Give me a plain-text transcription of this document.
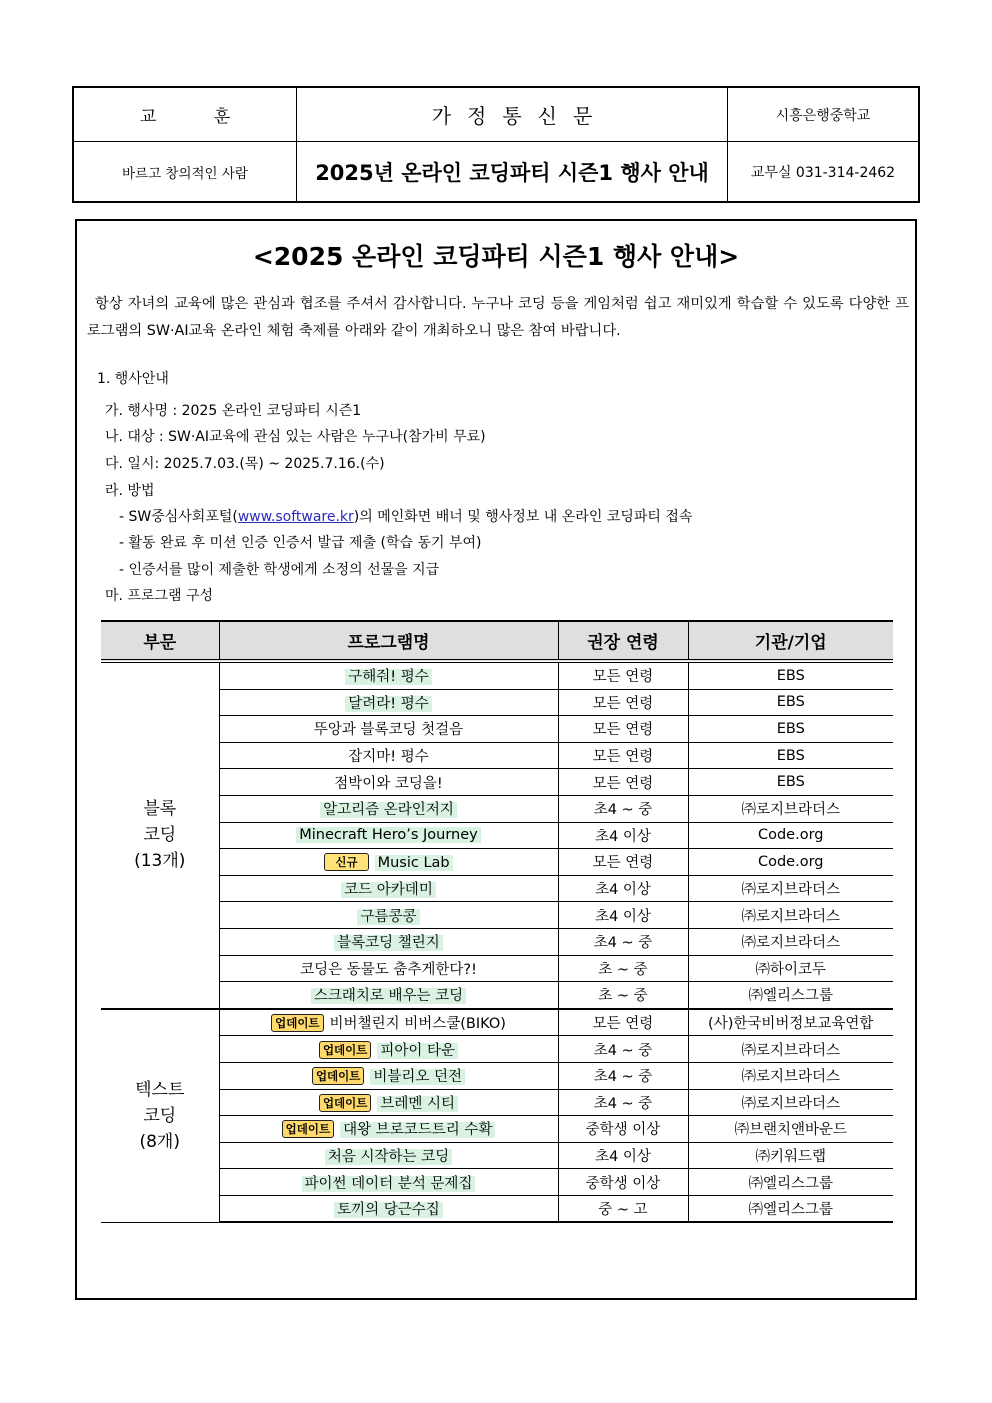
교 훈	가정통신문	시흥은행중학교
바르고 창의적인 사람	2025년 온라인 코딩파티 시즌1 행사 안내	교무실 031-314-2462
<2025 온라인 코딩파티 시즌1 행사 안내>
항상 자녀의 교육에 많은 관심과 협조를 주셔서 감사합니다. 누구나 코딩 등을 게임처럼 쉽고 재미있게 학습할 수 있도록 다양한 프로그램의 SW·AI교육 온라인 체험 축제를 아래와 같이 개최하오니 많은 참여 바랍니다.
1. 행사안내
가. 행사명 : 2025 온라인 코딩파티 시즌1
나. 대상 : SW·AI교육에 관심 있는 사람은 누구나(참가비 무료)
다. 일시: 2025.7.03.(목) ~ 2025.7.16.(수)
라. 방법
- SW중심사회포털(www.software.kr)의 메인화면 배너 및 행사정보 내 온라인 코딩파티 접속
- 활동 완료 후 미션 인증 인증서 발급 제출 (학습 동기 부여)
- 인증서를 많이 제출한 학생에게 소정의 선물을 지급
마. 프로그램 구성
부문	프로그램명	권장 연령	기관/기업

블록
코딩
(13개)	구해줘! 평수	모든 연령	EBS
	달려라! 평수	모든 연령	EBS
	뚜앙과 블록코딩 첫걸음	모든 연령	EBS
	잡지마! 평수	모든 연령	EBS
	점박이와 코딩을!	모든 연령	EBS
	알고리즘 온라인저지	초4 ~ 중	㈜로지브라더스
	Minecraft Hero’s Journey	초4 이상	Code.org
	신규 Music Lab	모든 연령	Code.org
	코드 아카데미	초4 이상	㈜로지브라더스
	구름콩콩	초4 이상	㈜로지브라더스
	블록코딩 챌린지	초4 ~ 중	㈜로지브라더스
	코딩은 동물도 춤추게한다?!	초 ~ 중	㈜하이코두
	스크래치로 배우는 코딩	초 ~ 중	㈜엘리스그룹

텍스트
코딩
(8개)	업데이트 비버챌린지 비버스쿨(BIKO)	모든 연령	(사)한국비버정보교육연합
	업데이트 피아이 타운	초4 ~ 중	㈜로지브라더스
	업데이트 비블리오 던전	초4 ~ 중	㈜로지브라더스
	업데이트 브레멘 시티	초4 ~ 중	㈜로지브라더스
	업데이트 대왕 브로코드트리 수확	중학생 이상	㈜브랜치앤바운드
	처음 시작하는 코딩	초4 이상	㈜키워드랩
	파이썬 데이터 분석 문제집	중학생 이상	㈜엘리스그룹
	토끼의 당근수집	중 ~ 고	㈜엘리스그룹
